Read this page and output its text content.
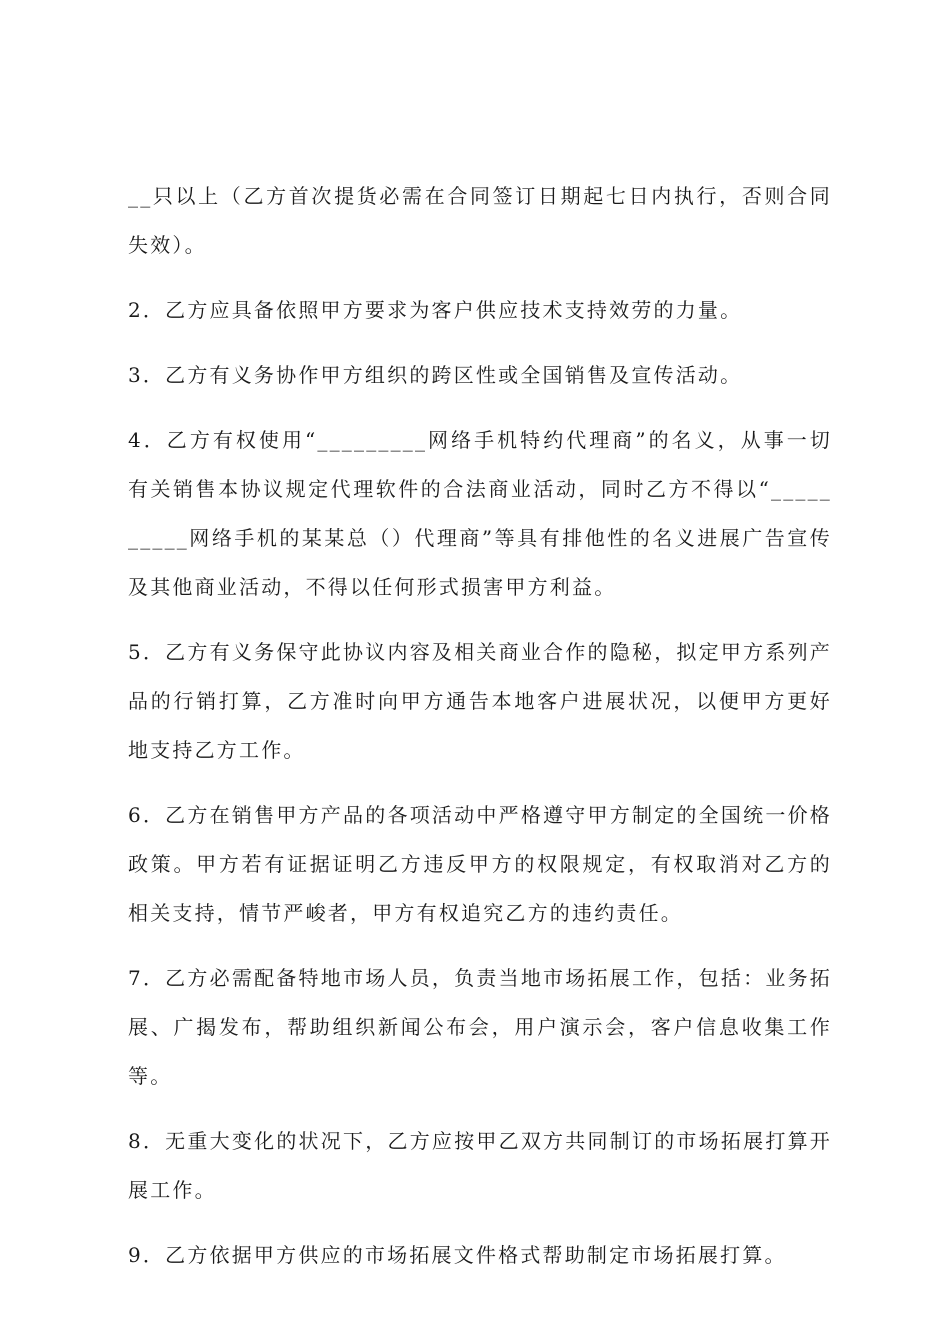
__只以上（乙方首次提货必需在合同签订日期起七日内执行，否则合同失效）。

2．乙方应具备依照甲方要求为客户供应技术支持效劳的力量。

3．乙方有义务协作甲方组织的跨区性或全国销售及宣传活动。

4．乙方有权使用“_________网络手机特约代理商”的名义，从事一切有关销售本协议规定代理软件的合法商业活动，同时乙方不得以“__________网络手机的某某总（）代理商”等具有排他性的名义进展广告宣传及其他商业活动，不得以任何形式损害甲方利益。

5．乙方有义务保守此协议内容及相关商业合作的隐秘，拟定甲方系列产品的行销打算，乙方准时向甲方通告本地客户进展状况，以便甲方更好地支持乙方工作。

6．乙方在销售甲方产品的各项活动中严格遵守甲方制定的全国统一价格政策。甲方若有证据证明乙方违反甲方的权限规定，有权取消对乙方的相关支持，情节严峻者，甲方有权追究乙方的违约责任。

7．乙方必需配备特地市场人员，负责当地市场拓展工作，包括：业务拓展、广揭发布，帮助组织新闻公布会，用户演示会，客户信息收集工作等。

8．无重大变化的状况下，乙方应按甲乙双方共同制订的市场拓展打算开展工作。

9．乙方依据甲方供应的市场拓展文件格式帮助制定市场拓展打算。
